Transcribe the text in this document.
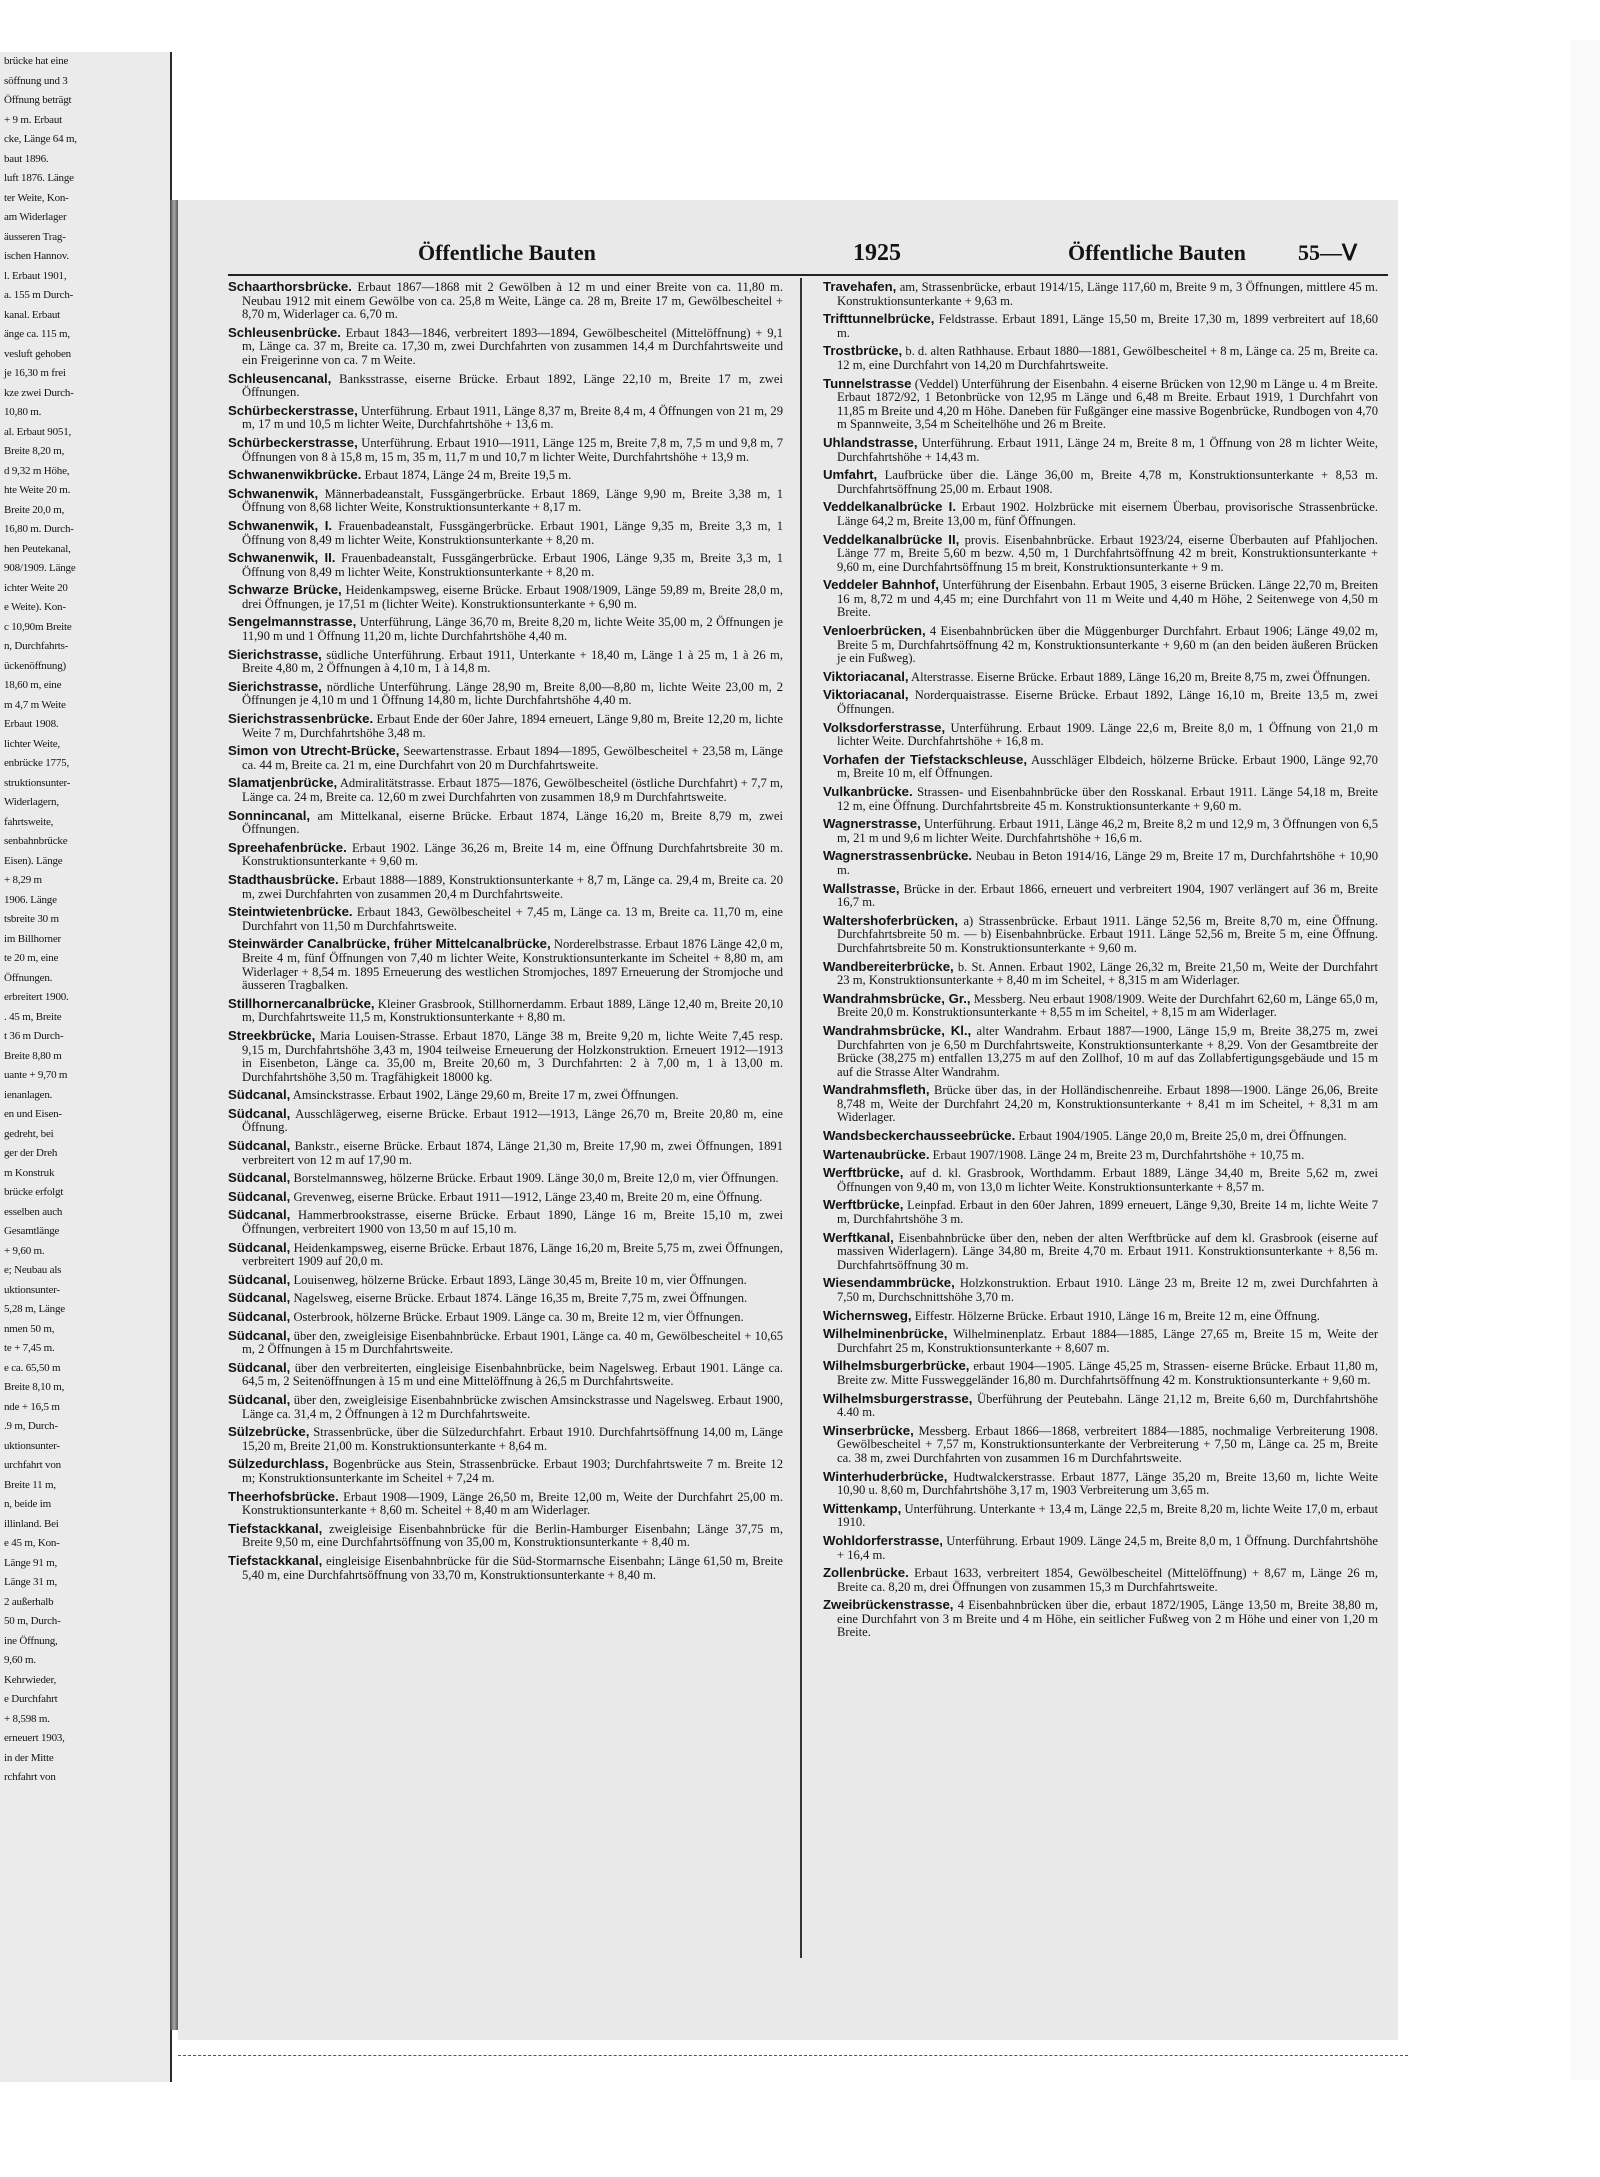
brücke hat eine
söffnung und 3
Öffnung beträgt
+ 9 m. Erbaut
cke, Länge 64 m,
baut 1896.
luft 1876. Länge
ter Weite, Kon-
am Widerlager
äusseren Trag-
ischen Hannov.
l. Erbaut 1901,
a. 155 m Durch-
kanal. Erbaut
änge ca. 115 m,
vesluft gehoben
je 16,30 m frei
kze zwei Durch-
10,80 m.
al. Erbaut 9051,
Breite 8,20 m,
d 9,32 m Höhe,
hte Weite 20 m.
Breite 20,0 m,
16,80 m. Durch-
hen Peutekanal,
908/1909. Länge
ichter Weite 20
e Weite). Kon-
c 10,90m Breite
n, Durchfahrts-
ückenöffnung)
18,60 m, eine
m 4,7 m Weite
Erbaut 1908.
lichter Weite,
enbrücke 1775,
struktionsunter-
Widerlagern,
fahrtsweite,
senbahnbrücke
Eisen). Länge
+ 8,29 m
1906. Länge
tsbreite 30 m
im Billhorner
te 20 m, eine
Öffnungen.
erbreitert 1900.
. 45 m, Breite
t 36 m Durch-
Breite 8,80 m
uante + 9,70 m
ienanlagen.
en und Eisen-
gedreht, bei
ger der Dreh
m Konstruk
brücke erfolgt
esselben auch
Gesamtlänge
+ 9,60 m.
e; Neubau als
uktionsunter-
5,28 m, Länge
nmen 50 m,
te + 7,45 m.
e ca. 65,50 m
Breite 8,10 m,
nde + 16,5 m
.9 m, Durch-
uktionsunter-
urchfahrt von
Breite 11 m,
n, beide im
illinland. Bei
e 45 m, Kon-
Länge 91 m,
Länge 31 m,
2 außerhalb
50 m, Durch-
ine Öffnung,
9,60 m.
Kehrwieder,
e Durchfahrt
+ 8,598 m.
erneuert 1903,
in der Mitte
rchfahrt von
Öffentliche Bauten	1925	Öffentliche Bauten 55—Ⅴ

Schaarthorsbrücke. Erbaut 1867—1868 mit 2 Gewölben à 12 m und einer Breite von ca. 11,80 m. Neubau 1912 mit einem Gewölbe von ca. 25,8 m Weite, Länge ca. 28 m, Breite 17 m, Gewölbescheitel + 8,70 m, Widerlager ca. 6,70 m.

Schleusenbrücke. Erbaut 1843—1846, verbreitert 1893—1894, Gewölbescheitel (Mittelöffnung) + 9,1 m, Länge ca. 37 m, Breite ca. 17,30 m, zwei Durchfahrten von zusammen 14,4 m Durchfahrtsweite und ein Freigerinne von ca. 7 m Weite.

Schleusencanal, Banksstrasse, eiserne Brücke. Erbaut 1892, Länge 22,10 m, Breite 17 m, zwei Öffnungen.

Schürbeckerstrasse, Unterführung. Erbaut 1911, Länge 8,37 m, Breite 8,4 m, 4 Öffnungen von 21 m, 29 m, 17 m und 10,5 m lichter Weite, Durchfahrtshöhe + 13,6 m.

Schürbeckerstrasse, Unterführung. Erbaut 1910—1911, Länge 125 m, Breite 7,8 m, 7,5 m und 9,8 m, 7 Öffnungen von 8 à 15,8 m, 15 m, 35 m, 11,7 m und 10,7 m lichter Weite, Durchfahrtshöhe + 13,9 m.

Schwanenwikbrücke. Erbaut 1874, Länge 24 m, Breite 19,5 m.

Schwanenwik, Männerbadeanstalt, Fussgängerbrücke. Erbaut 1869, Länge 9,90 m, Breite 3,38 m, 1 Öffnung von 8,68 lichter Weite, Konstruktionsunterkante + 8,17 m.

Schwanenwik, I. Frauenbadeanstalt, Fussgängerbrücke. Erbaut 1901, Länge 9,35 m, Breite 3,3 m, 1 Öffnung von 8,49 m lichter Weite, Konstruktionsunterkante + 8,20 m.

Schwanenwik, II. Frauenbadeanstalt, Fussgängerbrücke. Erbaut 1906, Länge 9,35 m, Breite 3,3 m, 1 Öffnung von 8,49 m lichter Weite, Konstruktionsunterkante + 8,20 m.

Schwarze Brücke, Heidenkampsweg, eiserne Brücke. Erbaut 1908/1909, Länge 59,89 m, Breite 28,0 m, drei Öffnungen, je 17,51 m (lichter Weite). Konstruktionsunterkante + 6,90 m.

Sengelmannstrasse, Unterführung, Länge 36,70 m, Breite 8,20 m, lichte Weite 35,00 m, 2 Öffnungen je 11,90 m und 1 Öffnung 11,20 m, lichte Durchfahrtshöhe 4,40 m.

Sierichstrasse, südliche Unterführung. Erbaut 1911, Unterkante + 18,40 m, Länge 1 à 25 m, 1 à 26 m, Breite 4,80 m, 2 Öffnungen à 4,10 m, 1 à 14,8 m.

Sierichstrasse, nördliche Unterführung. Länge 28,90 m, Breite 8,00—8,80 m, lichte Weite 23,00 m, 2 Öffnungen je 4,10 m und 1 Öffnung 14,80 m, lichte Durchfahrtshöhe 4,40 m.

Sierichstrassenbrücke. Erbaut Ende der 60er Jahre, 1894 erneuert, Länge 9,80 m, Breite 12,20 m, lichte Weite 7 m, Durchfahrtshöhe 3,48 m.

Simon von Utrecht-Brücke, Seewartenstrasse. Erbaut 1894—1895, Gewölbescheitel + 23,58 m, Länge ca. 44 m, Breite ca. 21 m, eine Durchfahrt von 20 m Durchfahrtsweite.

Slamatjenbrücke, Admiralitätstrasse. Erbaut 1875—1876, Gewölbescheitel (östliche Durchfahrt) + 7,7 m, Länge ca. 24 m, Breite ca. 12,60 m zwei Durchfahrten von zusammen 18,9 m Durchfahrtsweite.

Sonnincanal, am Mittelkanal, eiserne Brücke. Erbaut 1874, Länge 16,20 m, Breite 8,79 m, zwei Öffnungen.

Spreehafenbrücke. Erbaut 1902. Länge 36,26 m, Breite 14 m, eine Öffnung Durchfahrtsbreite 30 m. Konstruktionsunterkante + 9,60 m.

Stadthausbrücke. Erbaut 1888—1889, Konstruktionsunterkante + 8,7 m, Länge ca. 29,4 m, Breite ca. 20 m, zwei Durchfahrten von zusammen 20,4 m Durchfahrtsweite.

Steintwietenbrücke. Erbaut 1843, Gewölbescheitel + 7,45 m, Länge ca. 13 m, Breite ca. 11,70 m, eine Durchfahrt von 11,50 m Durchfahrtsweite.

Steinwärder Canalbrücke, früher Mittelcanalbrücke, Norderelbstrasse. Erbaut 1876 Länge 42,0 m, Breite 4 m, fünf Öffnungen von 7,40 m lichter Weite, Konstruktionsunterkante im Scheitel + 8,80 m, am Widerlager + 8,54 m. 1895 Erneuerung des westlichen Stromjoches, 1897 Erneuerung der Stromjoche und äusseren Tragbalken.

Stillhornercanalbrücke, Kleiner Grasbrook, Stillhornerdamm. Erbaut 1889, Länge 12,40 m, Breite 20,10 m, Durchfahrtsweite 11,5 m, Konstruktionsunterkante + 8,80 m.

Streekbrücke, Maria Louisen-Strasse. Erbaut 1870, Länge 38 m, Breite 9,20 m, lichte Weite 7,45 resp. 9,15 m, Durchfahrtshöhe 3,43 m, 1904 teilweise Erneuerung der Holzkonstruktion. Erneuert 1912—1913 in Eisenbeton, Länge ca. 35,00 m, Breite 20,60 m, 3 Durchfahrten: 2 à 7,00 m, 1 à 13,00 m. Durchfahrtshöhe 3,50 m. Tragfähigkeit 18000 kg.

Südcanal, Amsinckstrasse. Erbaut 1902, Länge 29,60 m, Breite 17 m, zwei Öffnungen.

Südcanal, Ausschlägerweg, eiserne Brücke. Erbaut 1912—1913, Länge 26,70 m, Breite 20,80 m, eine Öffnung.

Südcanal, Bankstr., eiserne Brücke. Erbaut 1874, Länge 21,30 m, Breite 17,90 m, zwei Öffnungen, 1891 verbreitert von 12 m auf 17,90 m.

Südcanal, Borstelmannsweg, hölzerne Brücke. Erbaut 1909. Länge 30,0 m, Breite 12,0 m, vier Öffnungen.

Südcanal, Grevenweg, eiserne Brücke. Erbaut 1911—1912, Länge 23,40 m, Breite 20 m, eine Öffnung.

Südcanal, Hammerbrookstrasse, eiserne Brücke. Erbaut 1890, Länge 16 m, Breite 15,10 m, zwei Öffnungen, verbreitert 1900 von 13,50 m auf 15,10 m.

Südcanal, Heidenkampsweg, eiserne Brücke. Erbaut 1876, Länge 16,20 m, Breite 5,75 m, zwei Öffnungen, verbreitert 1909 auf 20,0 m.

Südcanal, Louisenweg, hölzerne Brücke. Erbaut 1893, Länge 30,45 m, Breite 10 m, vier Öffnungen.

Südcanal, Nagelsweg, eiserne Brücke. Erbaut 1874. Länge 16,35 m, Breite 7,75 m, zwei Öffnungen.

Südcanal, Osterbrook, hölzerne Brücke. Erbaut 1909. Länge ca. 30 m, Breite 12 m, vier Öffnungen.

Südcanal, über den, zweigleisige Eisenbahnbrücke. Erbaut 1901, Länge ca. 40 m, Gewölbescheitel + 10,65 m, 2 Öffnungen à 15 m Durchfahrtsweite.

Südcanal, über den verbreiterten, eingleisige Eisenbahnbrücke, beim Nagelsweg. Erbaut 1901. Länge ca. 64,5 m, 2 Seitenöffnungen à 15 m und eine Mittelöffnung à 26,5 m Durchfahrtsweite.

Südcanal, über den, zweigleisige Eisenbahnbrücke zwischen Amsinckstrasse und Nagelsweg. Erbaut 1900, Länge ca. 31,4 m, 2 Öffnungen à 12 m Durchfahrtsweite.

Sülzebrücke, Strassenbrücke, über die Sülzedurchfahrt. Erbaut 1910. Durchfahrtsöffnung 14,00 m, Länge 15,20 m, Breite 21,00 m. Konstruktionsunterkante + 8,64 m.

Sülzedurchlass, Bogenbrücke aus Stein, Strassenbrücke. Erbaut 1903; Durchfahrtsweite 7 m. Breite 12 m; Konstruktionsunterkante im Scheitel + 7,24 m.

Theerhofsbrücke. Erbaut 1908—1909, Länge 26,50 m, Breite 12,00 m, Weite der Durchfahrt 25,00 m. Konstruktionsunterkante + 8,60 m. Scheitel + 8,40 m am Widerlager.

Tiefstackkanal, zweigleisige Eisenbahnbrücke für die Berlin-Hamburger Eisenbahn; Länge 37,75 m, Breite 9,50 m, eine Durchfahrtsöffnung von 35,00 m, Konstruktionsunterkante + 8,40 m.

Tiefstackkanal, eingleisige Eisenbahnbrücke für die Süd-Stormarnsche Eisenbahn; Länge 61,50 m, Breite 5,40 m, eine Durchfahrtsöffnung von 33,70 m, Konstruktionsunterkante + 8,40 m.

Travehafen, am, Strassenbrücke, erbaut 1914/15, Länge 117,60 m, Breite 9 m, 3 Öffnungen, mittlere 45 m. Konstruktionsunterkante + 9,63 m.

Trifttunnelbrücke, Feldstrasse. Erbaut 1891, Länge 15,50 m, Breite 17,30 m, 1899 verbreitert auf 18,60 m.

Trostbrücke, b. d. alten Rathhause. Erbaut 1880—1881, Gewölbescheitel + 8 m, Länge ca. 25 m, Breite ca. 12 m, eine Durchfahrt von 14,20 m Durchfahrtsweite.

Tunnelstrasse (Veddel) Unterführung der Eisenbahn. 4 eiserne Brücken von 12,90 m Länge u. 4 m Breite. Erbaut 1872/92, 1 Betonbrücke von 12,95 m Länge und 6,48 m Breite. Erbaut 1919, 1 Durchfahrt von 11,85 m Breite und 4,20 m Höhe. Daneben für Fußgänger eine massive Bogenbrücke, Rundbogen von 4,70 m Spannweite, 3,54 m Scheitelhöhe und 26 m Breite.

Uhlandstrasse, Unterführung. Erbaut 1911, Länge 24 m, Breite 8 m, 1 Öffnung von 28 m lichter Weite, Durchfahrtshöhe + 14,43 m.

Umfahrt, Laufbrücke über die. Länge 36,00 m, Breite 4,78 m, Konstruktionsunterkante + 8,53 m. Durchfahrtsöffnung 25,00 m. Erbaut 1908.

Veddelkanalbrücke I. Erbaut 1902. Holzbrücke mit eisernem Überbau, provisorische Strassenbrücke. Länge 64,2 m, Breite 13,00 m, fünf Öffnungen.

Veddelkanalbrücke II, provis. Eisenbahnbrücke. Erbaut 1923/24, eiserne Überbauten auf Pfahljochen. Länge 77 m, Breite 5,60 m bezw. 4,50 m, 1 Durchfahrtsöffnung 42 m breit, Konstruktionsunterkante + 9,60 m, eine Durchfahrtsöffnung 15 m breit, Konstruktionsunterkante + 9 m.

Veddeler Bahnhof, Unterführung der Eisenbahn. Erbaut 1905, 3 eiserne Brücken. Länge 22,70 m, Breiten 16 m, 8,72 m und 4,45 m; eine Durchfahrt von 11 m Weite und 4,40 m Höhe, 2 Seitenwege von 4,50 m Breite.

Venloerbrücken, 4 Eisenbahnbrücken über die Müggenburger Durchfahrt. Erbaut 1906; Länge 49,02 m, Breite 5 m, Durchfahrtsöffnung 42 m, Konstruktionsunterkante + 9,60 m (an den beiden äußeren Brücken je ein Fußweg).

Viktoriacanal, Alterstrasse. Eiserne Brücke. Erbaut 1889, Länge 16,20 m, Breite 8,75 m, zwei Öffnungen.

Viktoriacanal, Norderquaistrasse. Eiserne Brücke. Erbaut 1892, Länge 16,10 m, Breite 13,5 m, zwei Öffnungen.

Volksdorferstrasse, Unterführung. Erbaut 1909. Länge 22,6 m, Breite 8,0 m, 1 Öffnung von 21,0 m lichter Weite. Durchfahrtshöhe + 16,8 m.

Vorhafen der Tiefstackschleuse, Ausschläger Elbdeich, hölzerne Brücke. Erbaut 1900, Länge 92,70 m, Breite 10 m, elf Öffnungen.

Vulkanbrücke. Strassen- und Eisenbahnbrücke über den Rosskanal. Erbaut 1911. Länge 54,18 m, Breite 12 m, eine Öffnung. Durchfahrtsbreite 45 m. Konstruktionsunterkante + 9,60 m.

Wagnerstrasse, Unterführung. Erbaut 1911, Länge 46,2 m, Breite 8,2 m und 12,9 m, 3 Öffnungen von 6,5 m, 21 m und 9,6 m lichter Weite. Durchfahrtshöhe + 16,6 m.

Wagnerstrassenbrücke. Neubau in Beton 1914/16, Länge 29 m, Breite 17 m, Durchfahrtshöhe + 10,90 m.

Wallstrasse, Brücke in der. Erbaut 1866, erneuert und verbreitert 1904, 1907 verlängert auf 36 m, Breite 16,7 m.

Waltershoferbrücken, a) Strassenbrücke. Erbaut 1911. Länge 52,56 m, Breite 8,70 m, eine Öffnung. Durchfahrtsbreite 50 m. — b) Eisenbahnbrücke. Erbaut 1911. Länge 52,56 m, Breite 5 m, eine Öffnung. Durchfahrtsbreite 50 m. Konstruktionsunterkante + 9,60 m.

Wandbereiterbrücke, b. St. Annen. Erbaut 1902, Länge 26,32 m, Breite 21,50 m, Weite der Durchfahrt 23 m, Konstruktionsunterkante + 8,40 m im Scheitel, + 8,315 m am Widerlager.

Wandrahmsbrücke, Gr., Messberg. Neu erbaut 1908/1909. Weite der Durchfahrt 62,60 m, Länge 65,0 m, Breite 20,0 m. Konstruktionsunterkante + 8,55 m im Scheitel, + 8,15 m am Widerlager.

Wandrahmsbrücke, Kl., alter Wandrahm. Erbaut 1887—1900, Länge 15,9 m, Breite 38,275 m, zwei Durchfahrten von je 6,50 m Durchfahrtsweite, Konstruktionsunterkante + 8,29. Von der Gesamtbreite der Brücke (38,275 m) entfallen 13,275 m auf den Zollhof, 10 m auf das Zollabfertigungsgebäude und 15 m auf die Strasse Alter Wandrahm.

Wandrahmsfleth, Brücke über das, in der Holländischenreihe. Erbaut 1898—1900. Länge 26,06, Breite 8,748 m, Weite der Durchfahrt 24,20 m, Konstruktionsunterkante + 8,41 m im Scheitel, + 8,31 m am Widerlager.

Wandsbeckerchausseebrücke. Erbaut 1904/1905. Länge 20,0 m, Breite 25,0 m, drei Öffnungen.

Wartenaubrücke. Erbaut 1907/1908. Länge 24 m, Breite 23 m, Durchfahrtshöhe + 10,75 m.

Werftbrücke, auf d. kl. Grasbrook, Worthdamm. Erbaut 1889, Länge 34,40 m, Breite 5,62 m, zwei Öffnungen von 9,40 m, von 13,0 m lichter Weite. Konstruktionsunterkante + 8,57 m.

Werftbrücke, Leinpfad. Erbaut in den 60er Jahren, 1899 erneuert, Länge 9,30, Breite 14 m, lichte Weite 7 m, Durchfahrtshöhe 3 m.

Werftkanal, Eisenbahnbrücke über den, neben der alten Werftbrücke auf dem kl. Grasbrook (eiserne auf massiven Widerlagern). Länge 34,80 m, Breite 4,70 m. Erbaut 1911. Konstruktionsunterkante + 8,56 m. Durchfahrtsöffnung 30 m.

Wiesendammbrücke, Holzkonstruktion. Erbaut 1910. Länge 23 m, Breite 12 m, zwei Durchfahrten à 7,50 m, Durchschnittshöhe 3,70 m.

Wichernsweg, Eiffestr. Hölzerne Brücke. Erbaut 1910, Länge 16 m, Breite 12 m, eine Öffnung.

Wilhelminenbrücke, Wilhelminenplatz. Erbaut 1884—1885, Länge 27,65 m, Breite 15 m, Weite der Durchfahrt 25 m, Konstruktionsunterkante + 8,607 m.

Wilhelmsburgerbrücke, erbaut 1904—1905. Länge 45,25 m, Strassen- eiserne Brücke. Erbaut 11,80 m, Breite zw. Mitte Fussweggeländer 16,80 m. Durchfahrtsöffnung 42 m. Konstruktionsunterkante + 9,60 m.

Wilhelmsburgerstrasse, Überführung der Peutebahn. Länge 21,12 m, Breite 6,60 m, Durchfahrtshöhe 4.40 m.

Winserbrücke, Messberg. Erbaut 1866—1868, verbreitert 1884—1885, nochmalige Verbreiterung 1908. Gewölbescheitel + 7,57 m, Konstruktionsunterkante der Verbreiterung + 7,50 m, Länge ca. 25 m, Breite ca. 38 m, zwei Durchfahrten von zusammen 16 m Durchfahrtsweite.

Winterhuderbrücke, Hudtwalckerstrasse. Erbaut 1877, Länge 35,20 m, Breite 13,60 m, lichte Weite 10,90 u. 8,60 m, Durchfahrtshöhe 3,17 m, 1903 Verbreiterung um 3,65 m.

Wittenkamp, Unterführung. Unterkante + 13,4 m, Länge 22,5 m, Breite 8,20 m, lichte Weite 17,0 m, erbaut 1910.

Wohldorferstrasse, Unterführung. Erbaut 1909. Länge 24,5 m, Breite 8,0 m, 1 Öffnung. Durchfahrtshöhe + 16,4 m.

Zollenbrücke. Erbaut 1633, verbreitert 1854, Gewölbescheitel (Mittelöffnung) + 8,67 m, Länge 26 m, Breite ca. 8,20 m, drei Öffnungen von zusammen 15,3 m Durchfahrtsweite.

Zweibrückenstrasse, 4 Eisenbahnbrücken über die, erbaut 1872/1905, Länge 13,50 m, Breite 38,80 m, eine Durchfahrt von 3 m Breite und 4 m Höhe, ein seitlicher Fußweg von 2 m Höhe und einer von 1,20 m Breite.
